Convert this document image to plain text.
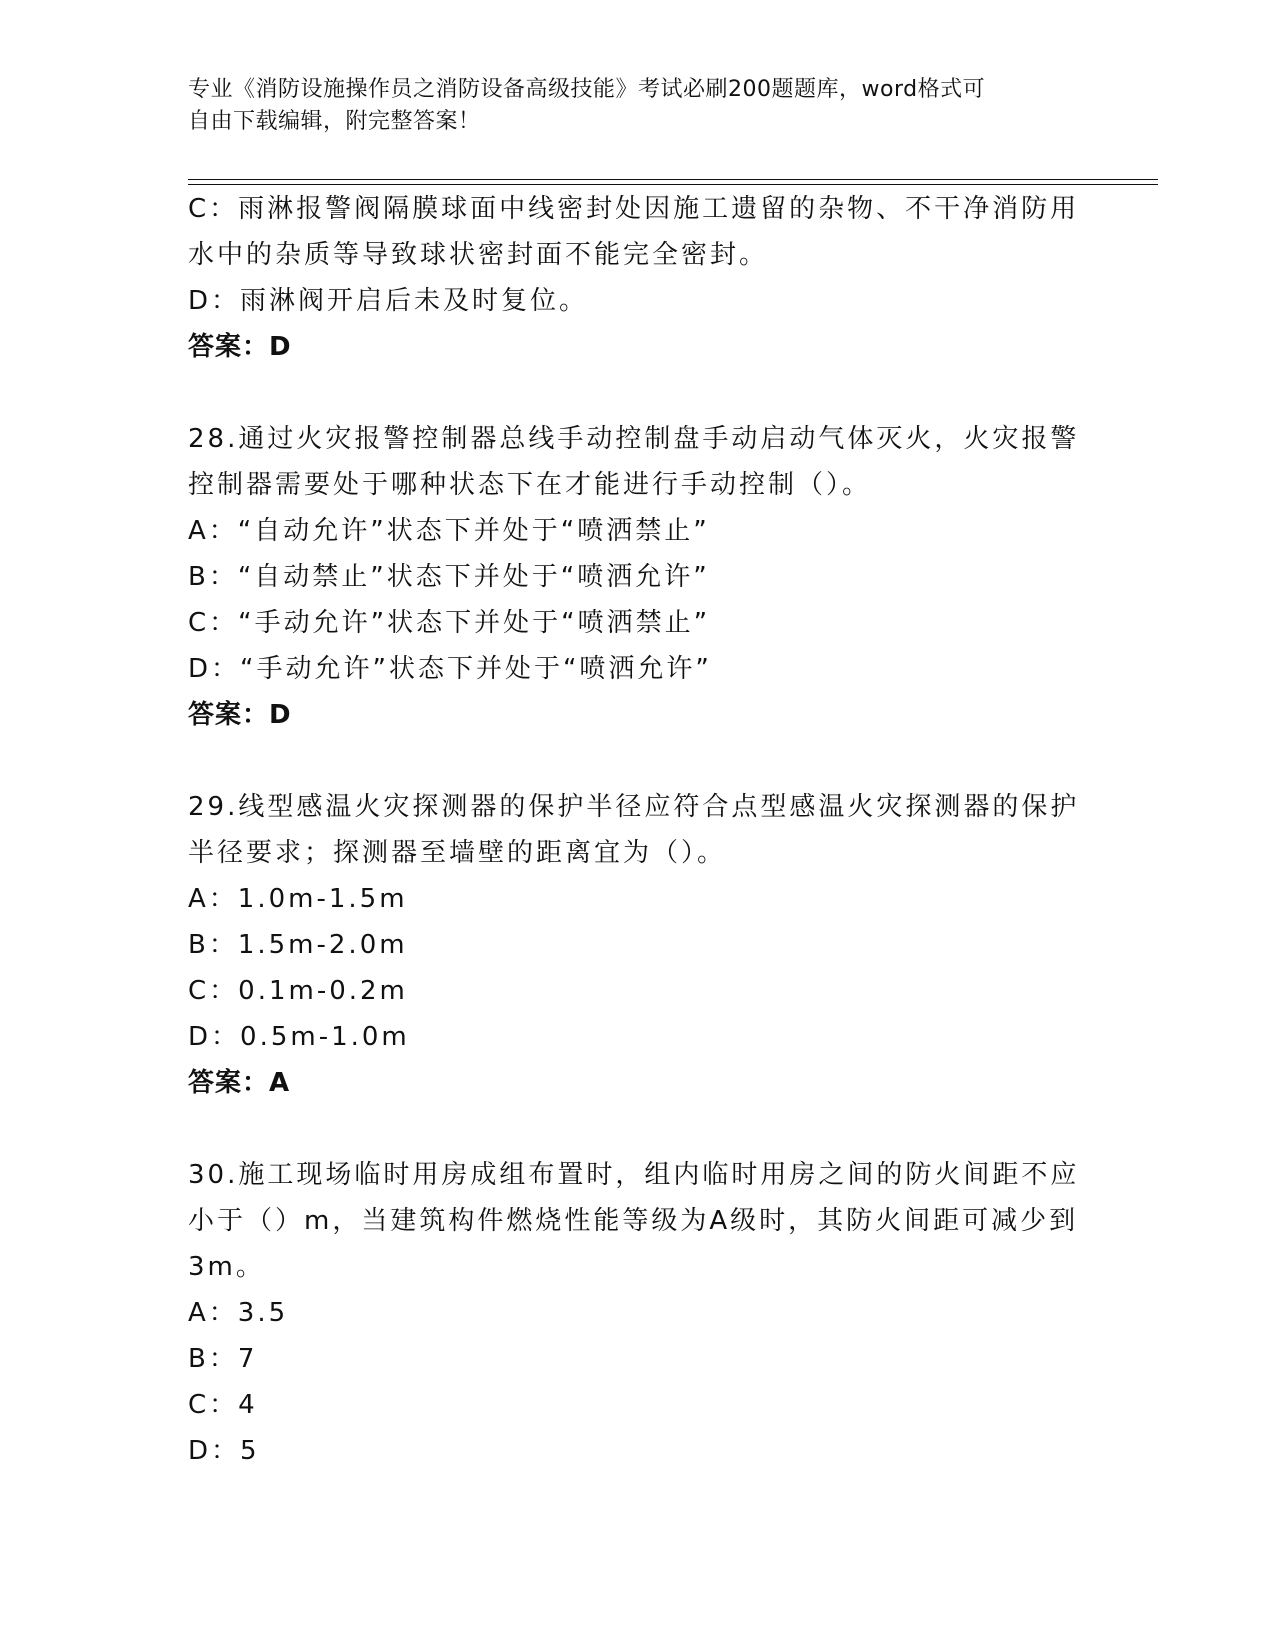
专业《消防设施操作员之消防设备高级技能》考试必刷200题题库，word格式可
自由下载编辑，附完整答案！
C：雨淋报警阀隔膜球面中线密封处因施工遗留的杂物、不干净消防用
水中的杂质等导致球状密封面不能完全密封。
D：雨淋阀开启后未及时复位。
答案：D
28.通过火灾报警控制器总线手动控制盘手动启动气体灭火，火灾报警
控制器需要处于哪种状态下在才能进行手动控制（）。
A：“自动允许”状态下并处于“喷洒禁止”
B：“自动禁止”状态下并处于“喷洒允许”
C：“手动允许”状态下并处于“喷洒禁止”
D：“手动允许”状态下并处于“喷洒允许”
答案：D
29.线型感温火灾探测器的保护半径应符合点型感温火灾探测器的保护
半径要求；探测器至墙壁的距离宜为（）。
A：1.0m-1.5m
B：1.5m-2.0m
C：0.1m-0.2m
D：0.5m-1.0m
答案：A
30.施工现场临时用房成组布置时，组内临时用房之间的防火间距不应
小于（）m，当建筑构件燃烧性能等级为A级时，其防火间距可减少到
3m。
A：3.5
B：7
C：4
D：5
